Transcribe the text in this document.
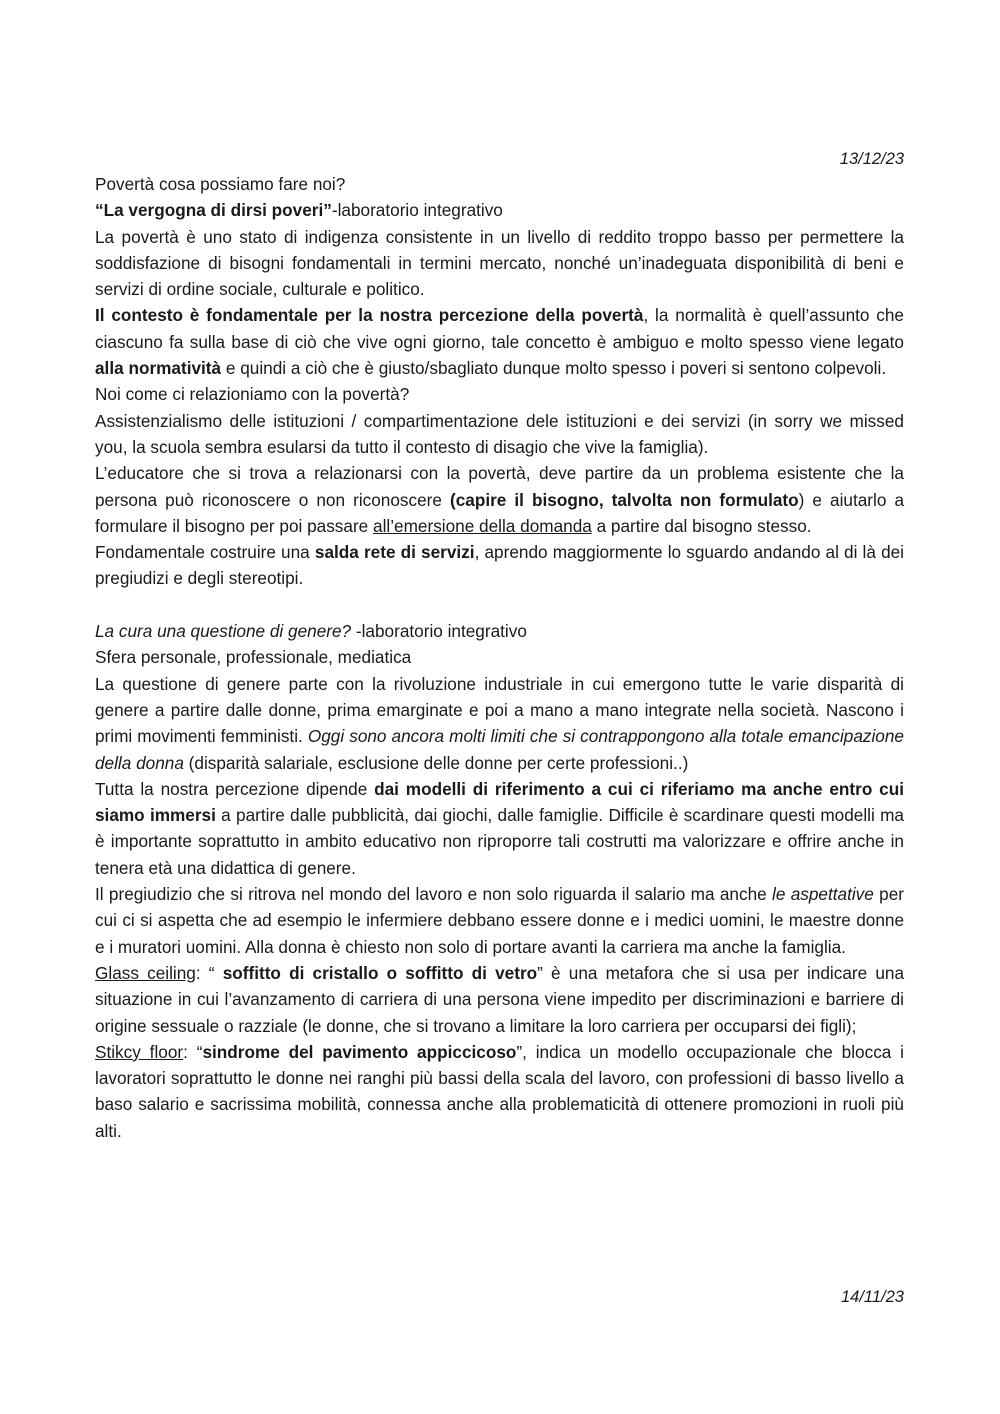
13/12/23

Povertà cosa possiamo fare noi?

“La vergogna di dirsi poveri”-laboratorio integrativo

La povertà è uno stato di indigenza consistente in un livello di reddito troppo basso per permettere la soddisfazione di bisogni fondamentali in termini mercato, nonché un’inadeguata disponibilità di beni e servizi di ordine sociale, culturale e politico.

Il contesto è fondamentale per la nostra percezione della povertà, la normalità è quell’assunto che ciascuno fa sulla base di ciò che vive ogni giorno, tale concetto è ambiguo e molto spesso viene legato alla normatività e quindi a ciò che è giusto/sbagliato dunque molto spesso i poveri si sentono colpevoli.

Noi come ci relazioniamo con la povertà?

Assistenzialismo delle istituzioni / compartimentazione dele istituzioni e dei servizi (in sorry we missed you, la scuola sembra esularsi da tutto il contesto di disagio che vive la famiglia).

L’educatore che si trova a relazionarsi con la povertà, deve partire da un problema esistente che la persona può riconoscere o non riconoscere (capire il bisogno, talvolta non formulato) e aiutarlo a formulare il bisogno per poi passare all’emersione della domanda a partire dal bisogno stesso.

Fondamentale costruire una salda rete di servizi, aprendo maggiormente lo sguardo andando al di là dei pregiudizi e degli stereotipi.

La cura una questione di genere? -laboratorio integrativo

Sfera personale, professionale, mediatica

La questione di genere parte con la rivoluzione industriale in cui emergono tutte le varie disparità di genere a partire dalle donne, prima emarginate e poi a mano a mano integrate nella società. Nascono i primi movimenti femministi. Oggi sono ancora molti limiti che si contrappongono alla totale emancipazione della donna (disparità salariale, esclusione delle donne per certe professioni..)

Tutta la nostra percezione dipende dai modelli di riferimento a cui ci riferiamo ma anche entro cui siamo immersi a partire dalle pubblicità, dai giochi, dalle famiglie. Difficile è scardinare questi modelli ma è importante soprattutto in ambito educativo non riproporre tali costrutti ma valorizzare e offrire anche in tenera età una didattica di genere.

Il pregiudizio che si ritrova nel mondo del lavoro e non solo riguarda il salario ma anche le aspettative per cui ci si aspetta che ad esempio le infermiere debbano essere donne e i medici uomini, le maestre donne e i muratori uomini. Alla donna è chiesto non solo di portare avanti la carriera ma anche la famiglia.

Glass ceiling: “ soffitto di cristallo o soffitto di vetro” è una metafora che si usa per indicare una situazione in cui l’avanzamento di carriera di una persona viene impedito per discriminazioni e barriere di origine sessuale o razziale (le donne, che si trovano a limitare la loro carriera per occuparsi dei figli);

Stikcy floor: “sindrome del pavimento appiccicoso”, indica un modello occupazionale che blocca i lavoratori soprattutto le donne nei ranghi più bassi della scala del lavoro, con professioni di basso livello a baso salario e sacrissima mobilità, connessa anche alla problematicità di ottenere promozioni in ruoli più alti.

14/11/23
